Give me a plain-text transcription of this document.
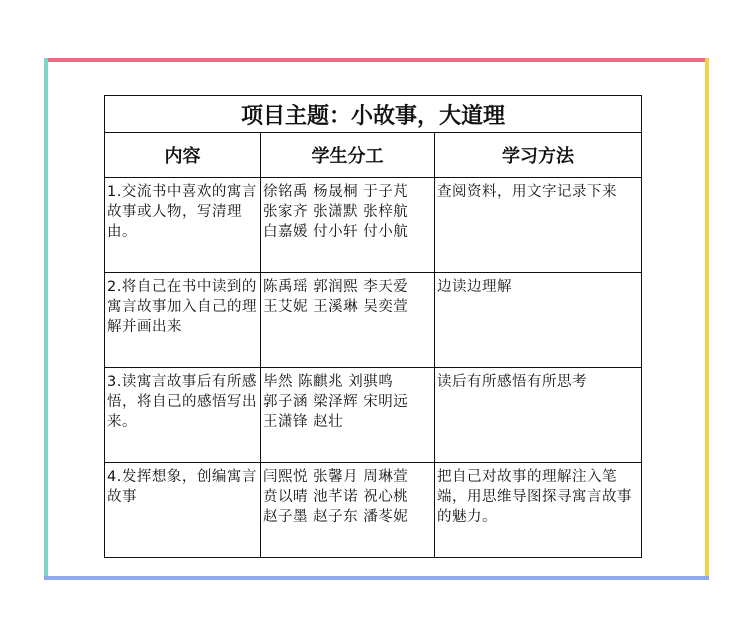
项目主题：小故事，大道理		
内容	学生分工	学习方法

1.交流书中喜欢的寓言故事或人物，写清理由。	徐铭禹 杨晟桐 于子芃
张家齐 张潇默 张梓航
白嘉媛 付小轩 付小航	查阅资料，用文字记录下来

2.将自己在书中读到的寓言故事加入自己的理解并画出来	陈禹瑶 郭润熙 李天爱
王艾妮 王溪琳 吴奕萱	边读边理解

3.读寓言故事后有所感悟，将自己的感悟写出来。	毕然 陈麒兆 刘骐鸣
郭子涵 梁泽辉 宋明远
王潇锋 赵壮	读后有所感悟有所思考

4.发挥想象，创编寓言故事	闫熙悦 张馨月 周琳萱
贲以晴 池芊诺 祝心桃
赵子墨 赵子东 潘苳妮	把自己对故事的理解注入笔端，用思维导图探寻寓言故事的魅力。
